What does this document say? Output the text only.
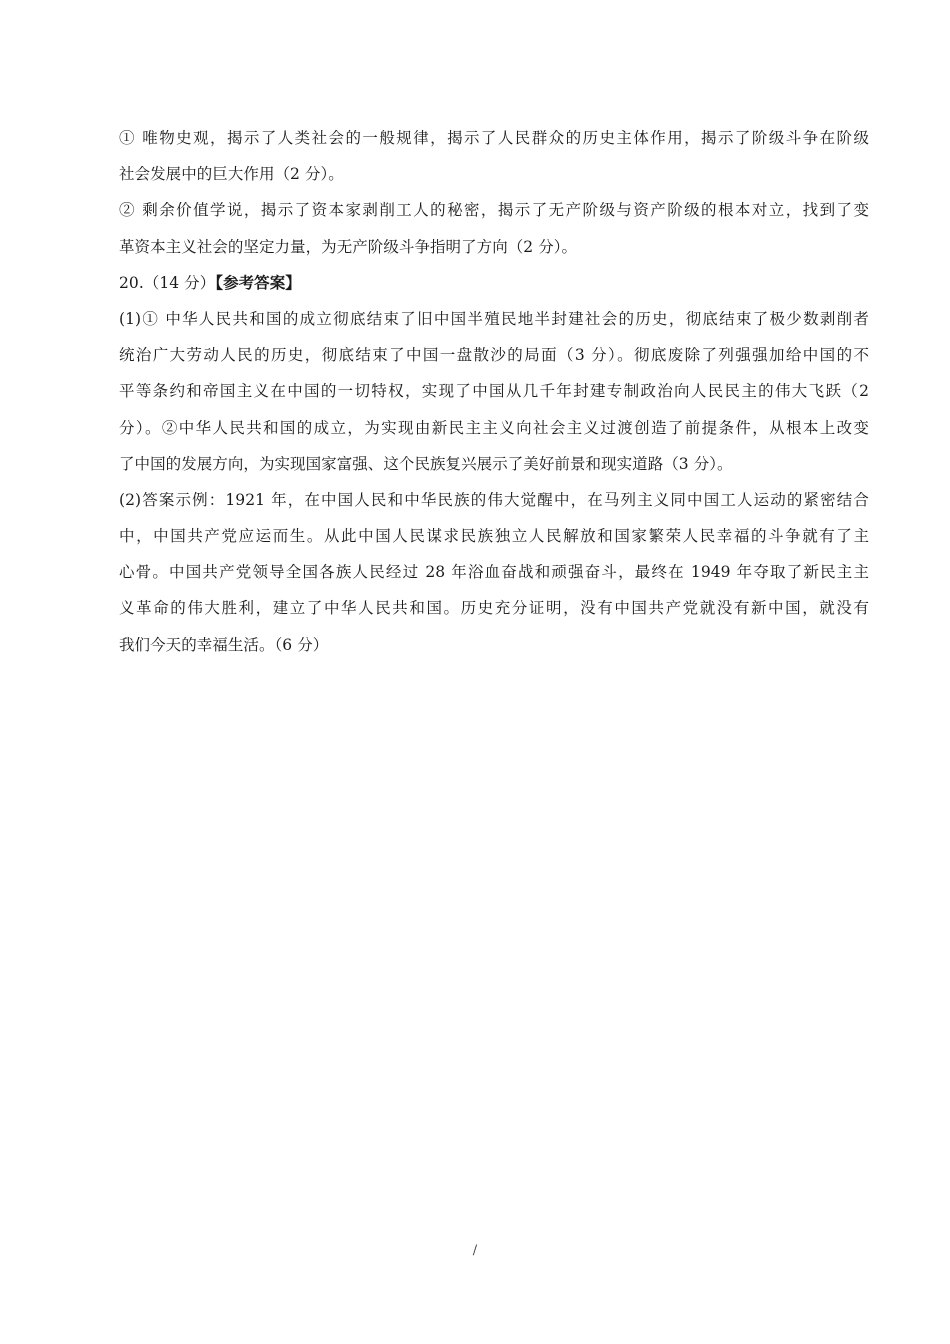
① 唯物史观，揭示了人类社会的一般规律，揭示了人民群众的历史主体作用，揭示了阶级斗争在阶级
社会发展中的巨大作用（2 分）。
② 剩余价值学说，揭示了资本家剥削工人的秘密，揭示了无产阶级与资产阶级的根本对立，找到了变
革资本主义社会的坚定力量，为无产阶级斗争指明了方向（2 分）。
20.（14 分）【参考答案】
(1)① 中华人民共和国的成立彻底结束了旧中国半殖民地半封建社会的历史，彻底结束了极少数剥削者
统治广大劳动人民的历史，彻底结束了中国一盘散沙的局面（3 分）。彻底废除了列强强加给中国的不
平等条约和帝国主义在中国的一切特权，实现了中国从几千年封建专制政治向人民民主的伟大飞跃（2
分）。②中华人民共和国的成立，为实现由新民主主义向社会主义过渡创造了前提条件，从根本上改变
了中国的发展方向，为实现国家富强、这个民族复兴展示了美好前景和现实道路（3 分）。
(2)答案示例：1921 年，在中国人民和中华民族的伟大觉醒中，在马列主义同中国工人运动的紧密结合
中，中国共产党应运而生。从此中国人民谋求民族独立人民解放和国家繁荣人民幸福的斗争就有了主
心骨。中国共产党领导全国各族人民经过 28 年浴血奋战和顽强奋斗，最终在 1949 年夺取了新民主主
义革命的伟大胜利，建立了中华人民共和国。历史充分证明，没有中国共产党就没有新中国，就没有
我们今天的幸福生活。（6 分）
/
